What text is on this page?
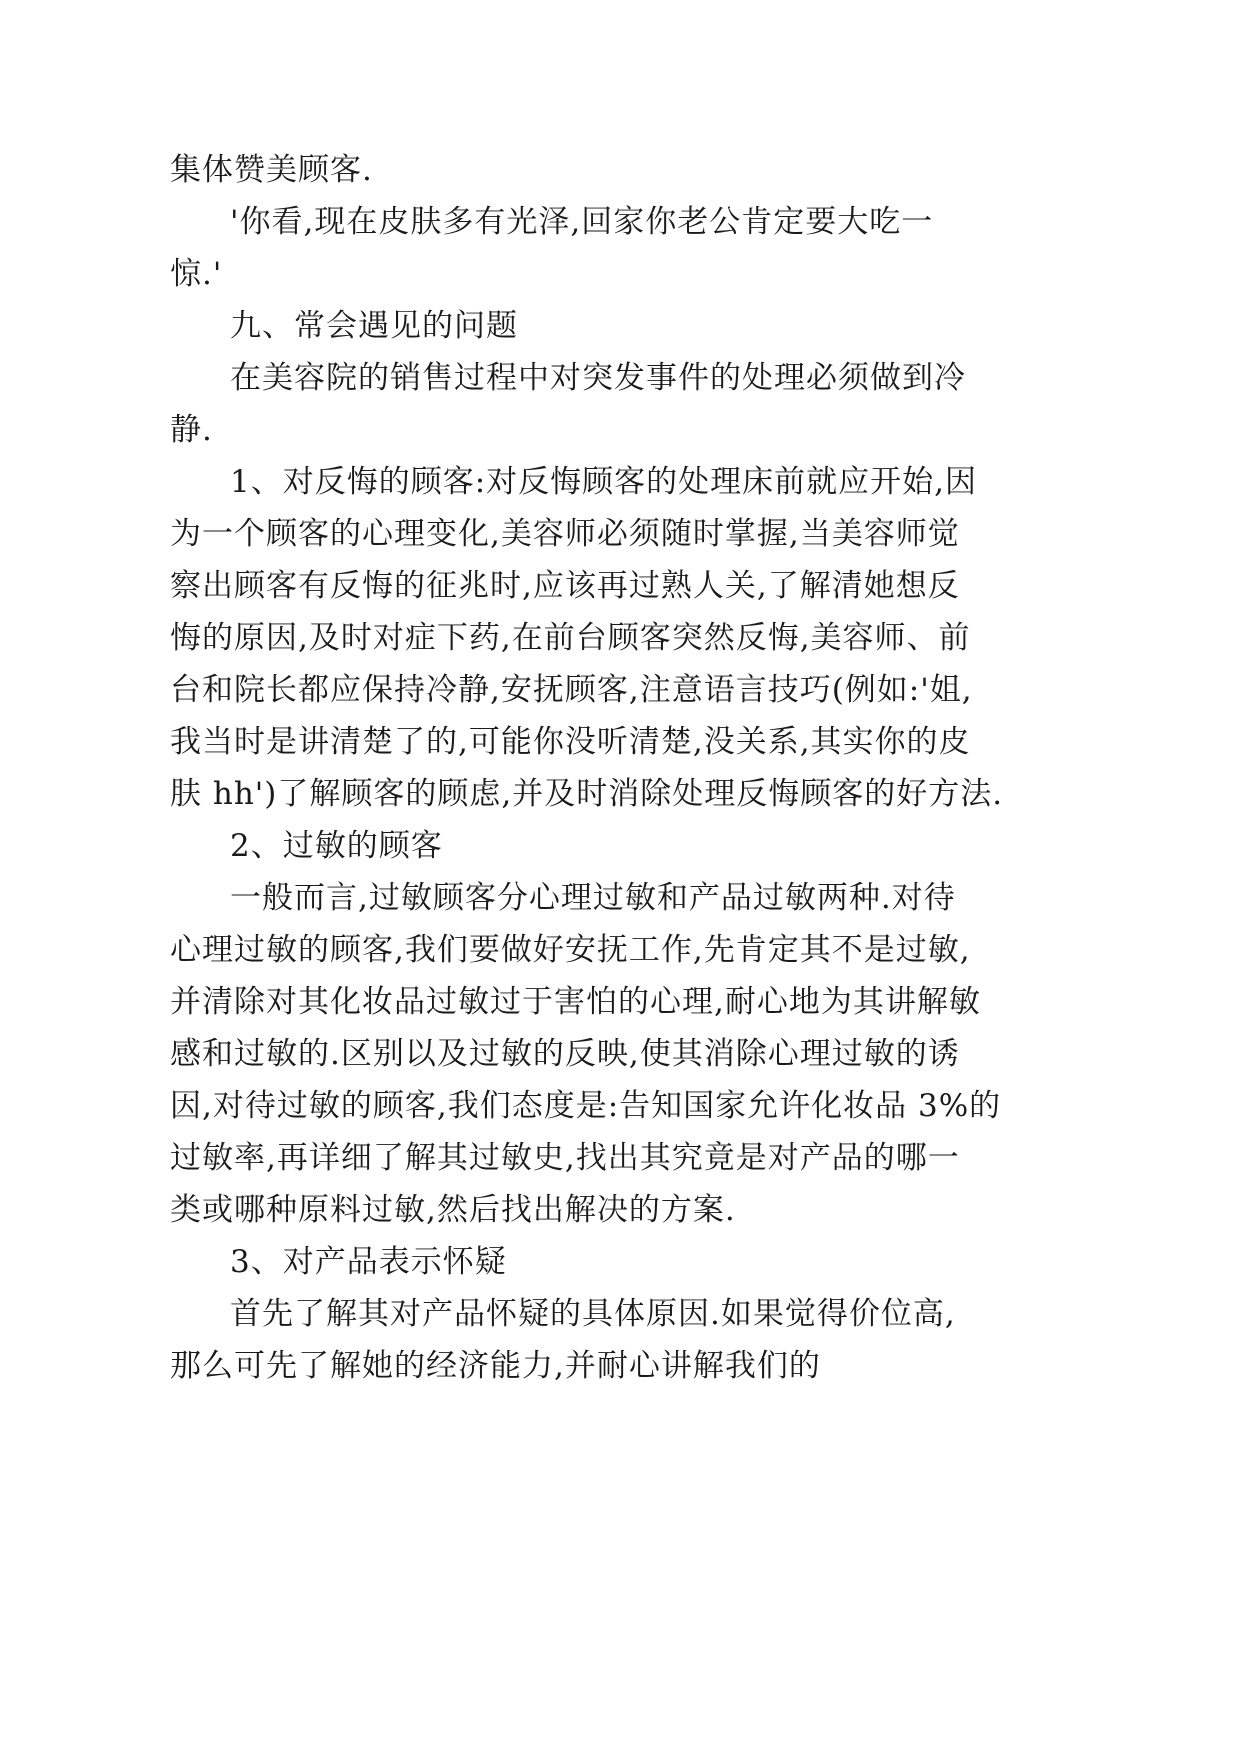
集体赞美顾客.
'你看,现在皮肤多有光泽,回家你老公肯定要大吃一
惊.'
九、常会遇见的问题
在美容院的销售过程中对突发事件的处理必须做到冷
静.
1、对反悔的顾客:对反悔顾客的处理床前就应开始,因
为一个顾客的心理变化,美容师必须随时掌握,当美容师觉
察出顾客有反悔的征兆时,应该再过熟人关,了解清她想反
悔的原因,及时对症下药,在前台顾客突然反悔,美容师、前
台和院长都应保持冷静,安抚顾客,注意语言技巧(例如:'姐,
我当时是讲清楚了的,可能你没听清楚,没关系,其实你的皮
肤 hh')了解顾客的顾虑,并及时消除处理反悔顾客的好方法.
2、过敏的顾客
一般而言,过敏顾客分心理过敏和产品过敏两种.对待
心理过敏的顾客,我们要做好安抚工作,先肯定其不是过敏,
并清除对其化妆品过敏过于害怕的心理,耐心地为其讲解敏
感和过敏的.区别以及过敏的反映,使其消除心理过敏的诱
因,对待过敏的顾客,我们态度是:告知国家允许化妆品 3%的
过敏率,再详细了解其过敏史,找出其究竟是对产品的哪一
类或哪种原料过敏,然后找出解决的方案.
3、对产品表示怀疑
首先了解其对产品怀疑的具体原因.如果觉得价位高,
那么可先了解她的经济能力,并耐心讲解我们的
